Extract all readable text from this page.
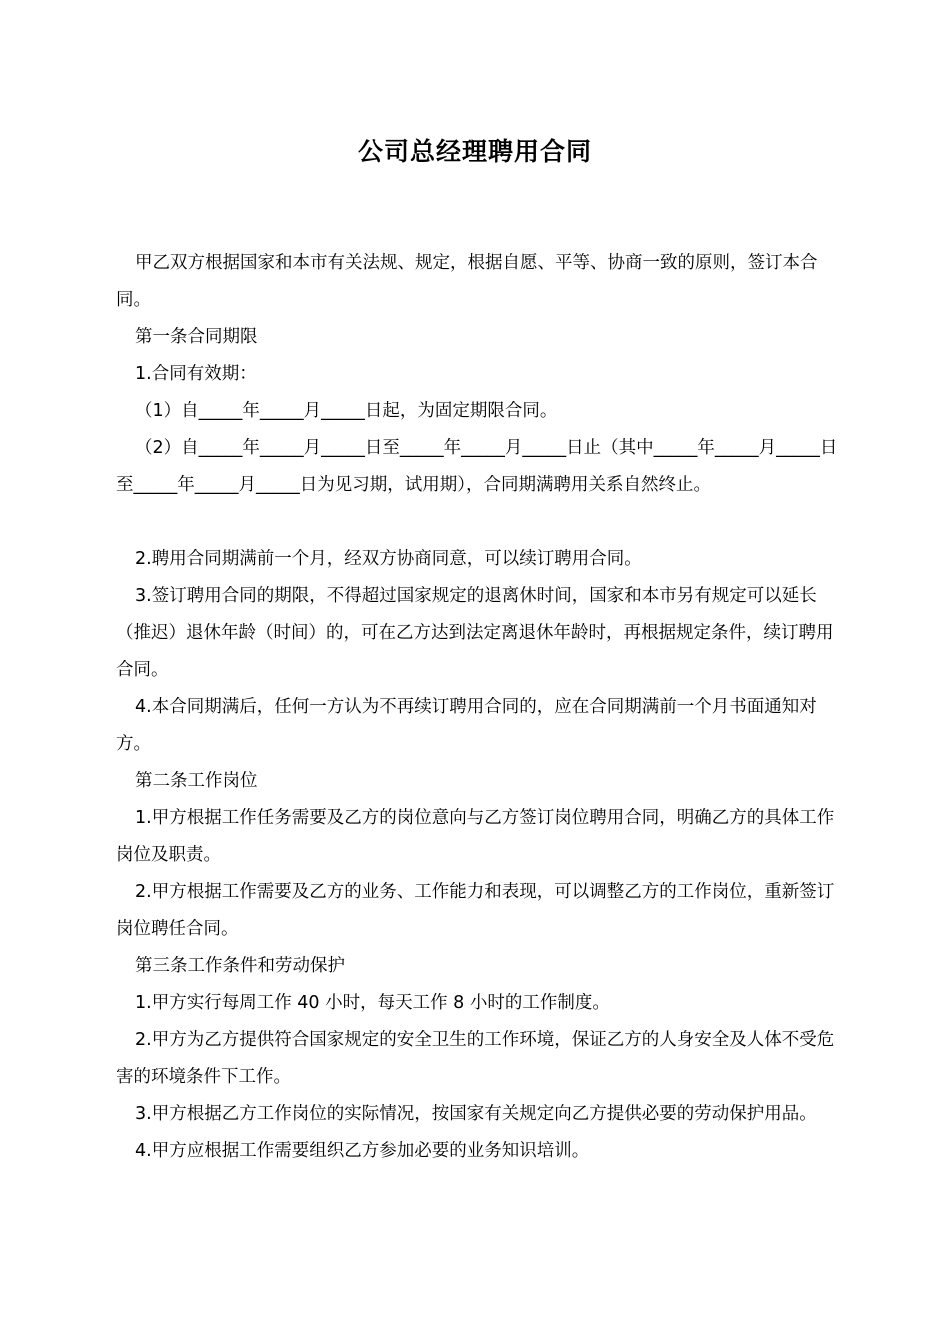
公司总经理聘用合同

甲乙双方根据国家和本市有关法规、规定，根据自愿、平等、协商一致的原则，签订本合同。

第一条合同期限

1.合同有效期：

（1）自_____年_____月_____日起，为固定期限合同。

（2）自_____年_____月_____日至_____年_____月_____日止（其中_____年_____月_____日至_____年_____月_____日为见习期，试用期），合同期满聘用关系自然终止。

2.聘用合同期满前一个月，经双方协商同意，可以续订聘用合同。

3.签订聘用合同的期限，不得超过国家规定的退离休时间，国家和本市另有规定可以延长（推迟）退休年龄（时间）的，可在乙方达到法定离退休年龄时，再根据规定条件，续订聘用合同。

4.本合同期满后，任何一方认为不再续订聘用合同的，应在合同期满前一个月书面通知对方。

第二条工作岗位

1.甲方根据工作任务需要及乙方的岗位意向与乙方签订岗位聘用合同，明确乙方的具体工作岗位及职责。

2.甲方根据工作需要及乙方的业务、工作能力和表现，可以调整乙方的工作岗位，重新签订岗位聘任合同。

第三条工作条件和劳动保护

1.甲方实行每周工作 40 小时，每天工作 8 小时的工作制度。

2.甲方为乙方提供符合国家规定的安全卫生的工作环境，保证乙方的人身安全及人体不受危害的环境条件下工作。

3.甲方根据乙方工作岗位的实际情况，按国家有关规定向乙方提供必要的劳动保护用品。

4.甲方应根据工作需要组织乙方参加必要的业务知识培训。
